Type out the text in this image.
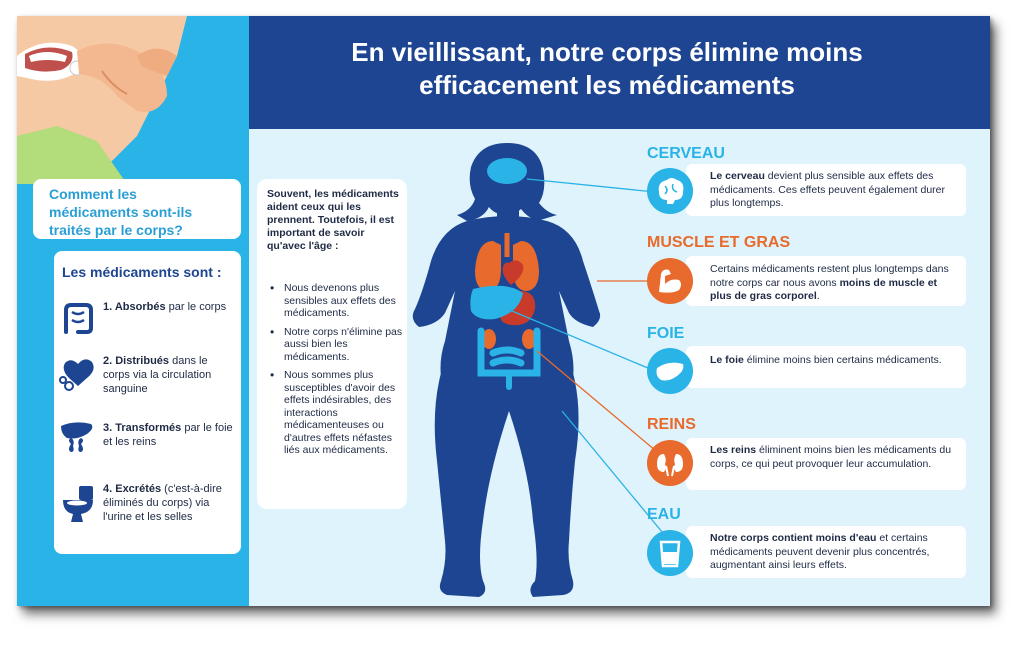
En vieillissant, notre corps élimine moins efficacement les médicaments
Comment les médicaments sont-ils traités par le corps?
Les médicaments sont :
1. Absorbés par le corps
2. Distribués dans le corps via la circulation sanguine
3. Transformés par le foie et les reins
4. Excrétés (c'est-à-dire éliminés du corps) via l'urine et les selles
Souvent, les médicaments aident ceux qui les prennent. Toutefois, il est important de savoir qu'avec l'âge :
• Nous devenons plus sensibles aux effets des médicaments.
• Notre corps n'élimine pas aussi bien les médicaments.
• Nous sommes plus susceptibles d'avoir des effets indésirables, des interactions médicamenteuses ou d'autres effets néfastes liés aux médicaments.
CERVEAU
MUSCLE ET GRAS
FOIE
REINS
EAU
Le cerveau devient plus sensible aux effets des médicaments. Ces effets peuvent également durer plus longtemps.
Certains médicaments restent plus longtemps dans notre corps car nous avons moins de muscle et plus de gras corporel.
Le foie élimine moins bien certains médicaments.
Les reins éliminent moins bien les médicaments du corps, ce qui peut provoquer leur accumulation.
Notre corps contient moins d'eau et certains médicaments peuvent devenir plus concentrés, augmentant ainsi leurs effets.
